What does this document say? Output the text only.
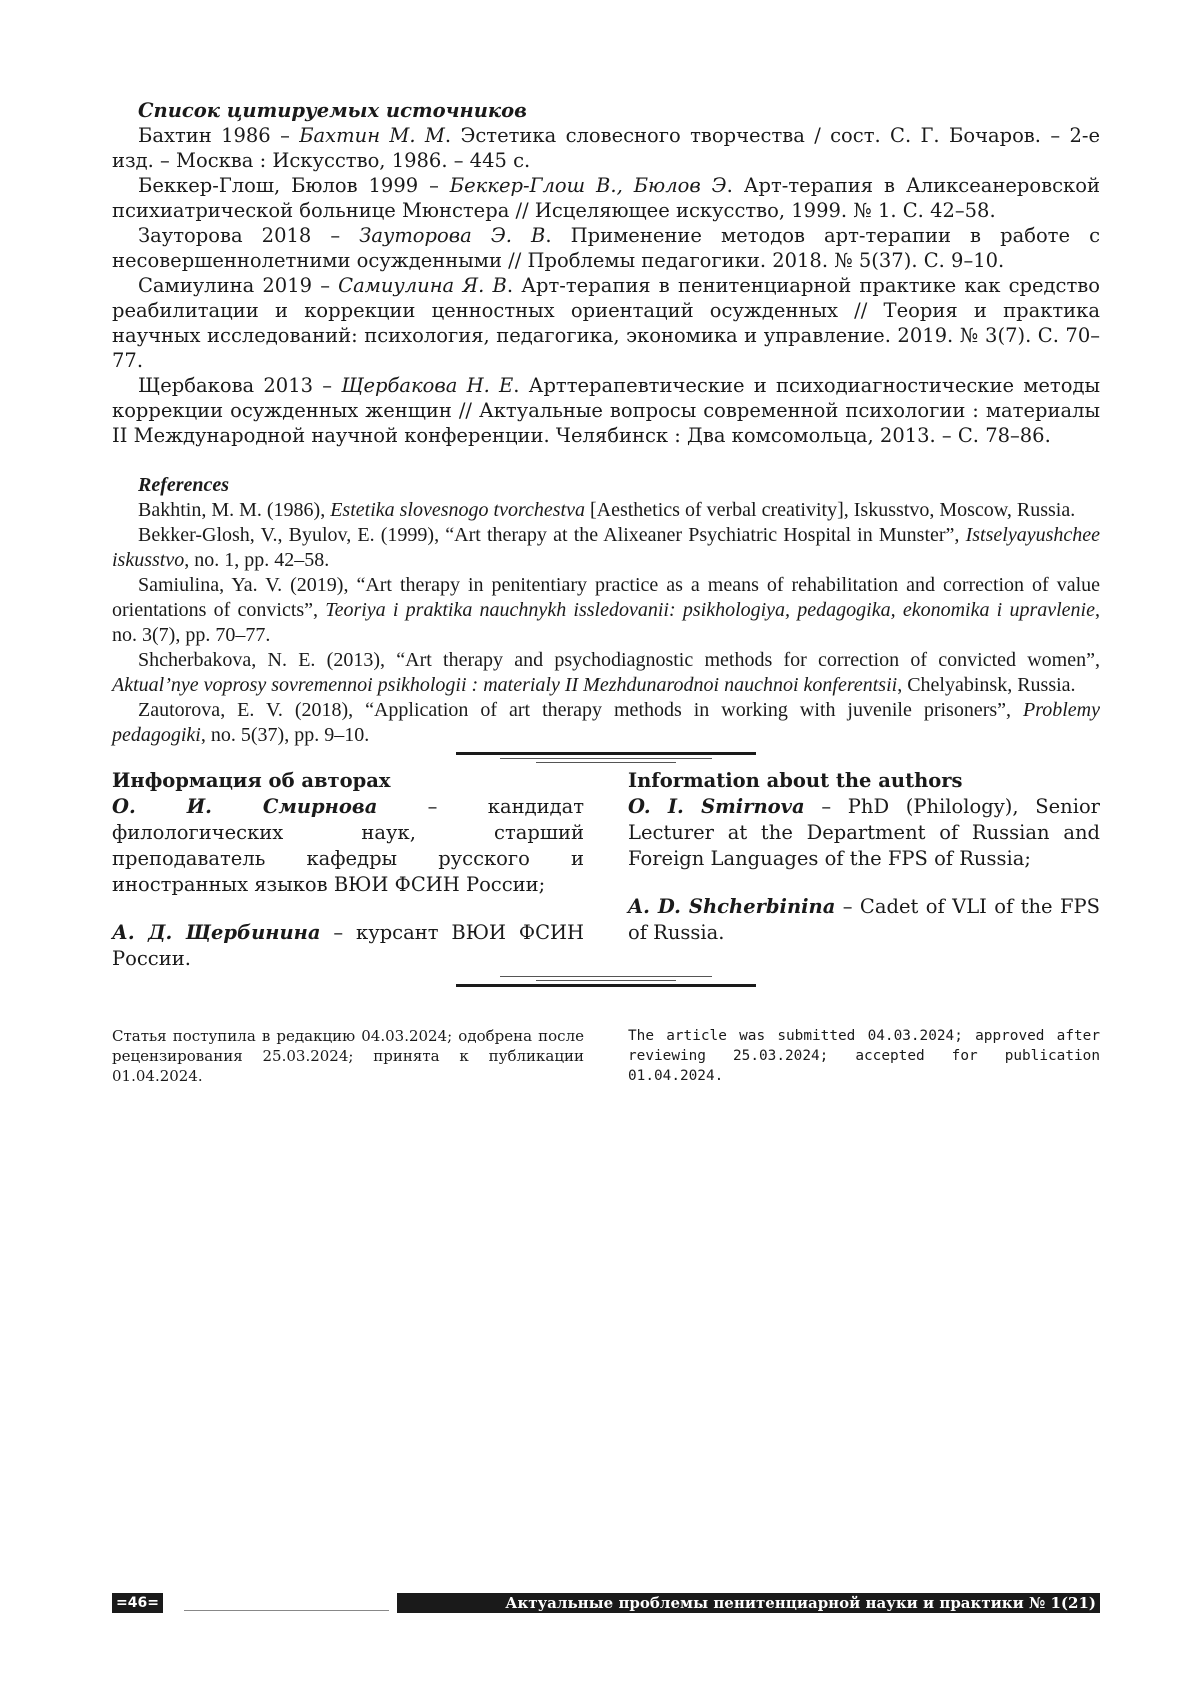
Список цитируемых источников

Бахтин 1986 – Бахтин М. М. Эстетика словесного творчества / сост. С. Г. Бочаров. – 2-е изд. – Москва : Искусство, 1986. – 445 с.

Беккер-Глош, Бюлов 1999 – Беккер-Глош В., Бюлов Э. Арт-терапия в Аликсеанеровской психиатрической больнице Мюнстера // Исцеляющее искусство, 1999. № 1. С. 42–58.

Зауторова 2018 – Зауторова Э. В. Применение методов арт-терапии в работе с несовершеннолетними осужденными // Проблемы педагогики. 2018. № 5(37). С. 9–10.

Самиулина 2019 – Самиулина Я. В. Арт-терапия в пенитенциарной практике как средство реабилитации и коррекции ценностных ориентаций осужденных // Теория и практика научных исследований: психология, педагогика, экономика и управление. 2019. № 3(7). С. 70–77.

Щербакова 2013 – Щербакова Н. Е. Арттерапевтические и психодиагностические методы коррекции осужденных женщин // Актуальные вопросы современной психологии : материалы II Международной научной конференции. Челябинск : Два комсомольца, 2013. – С. 78–86.

References

Bakhtin, M. M. (1986), Estetika slovesnogo tvorchestva [Aesthetics of verbal creativity], Iskusstvo, Moscow, Russia.

Bekker-Glosh, V., Byulov, E. (1999), “Art therapy at the Alixeaner Psychiatric Hospital in Munster”, Istselyayushchee iskusstvo, no. 1, pp. 42–58.

Samiulina, Ya. V. (2019), “Art therapy in penitentiary practice as a means of rehabilitation and correction of value orientations of convicts”, Teoriya i praktika nauchnykh issledovanii: psikhologiya, pedagogika, ekonomika i upravlenie, no. 3(7), pp. 70–77.

Shcherbakova, N. E. (2013), “Art therapy and psychodiagnostic methods for correction of convicted women”, Aktual’nye voprosy sovremennoi psikhologii : materialy II Mezhdunarodnoi nauchnoi konferentsii, Chelyabinsk, Russia.

Zautorova, E. V. (2018), “Application of art therapy methods in working with juvenile prisoners”, Problemy pedagogiki, no. 5(37), pp. 9–10.

Информация об авторах

О. И. Смирнова – кандидат филологических наук, старший преподаватель кафедры русского и иностранных языков ВЮИ ФСИН России;

А. Д. Щербинина – курсант ВЮИ ФСИН России.

Information about the authors

O. I. Smirnova – PhD (Philology), Senior Lecturer at the Department of Russian and Foreign Languages of the FPS of Russia;

A. D. Shcherbinina – Cadet of VLI of the FPS of Russia.

Статья поступила в редакцию 04.03.2024; одобрена после рецензирования 25.03.2024; принята к публикации 01.04.2024.

The article was submitted 04.03.2024; approved after reviewing 25.03.2024; accepted for publication 01.04.2024.

=46=	Актуальные проблемы пенитенциарной науки и практики № 1(21)
